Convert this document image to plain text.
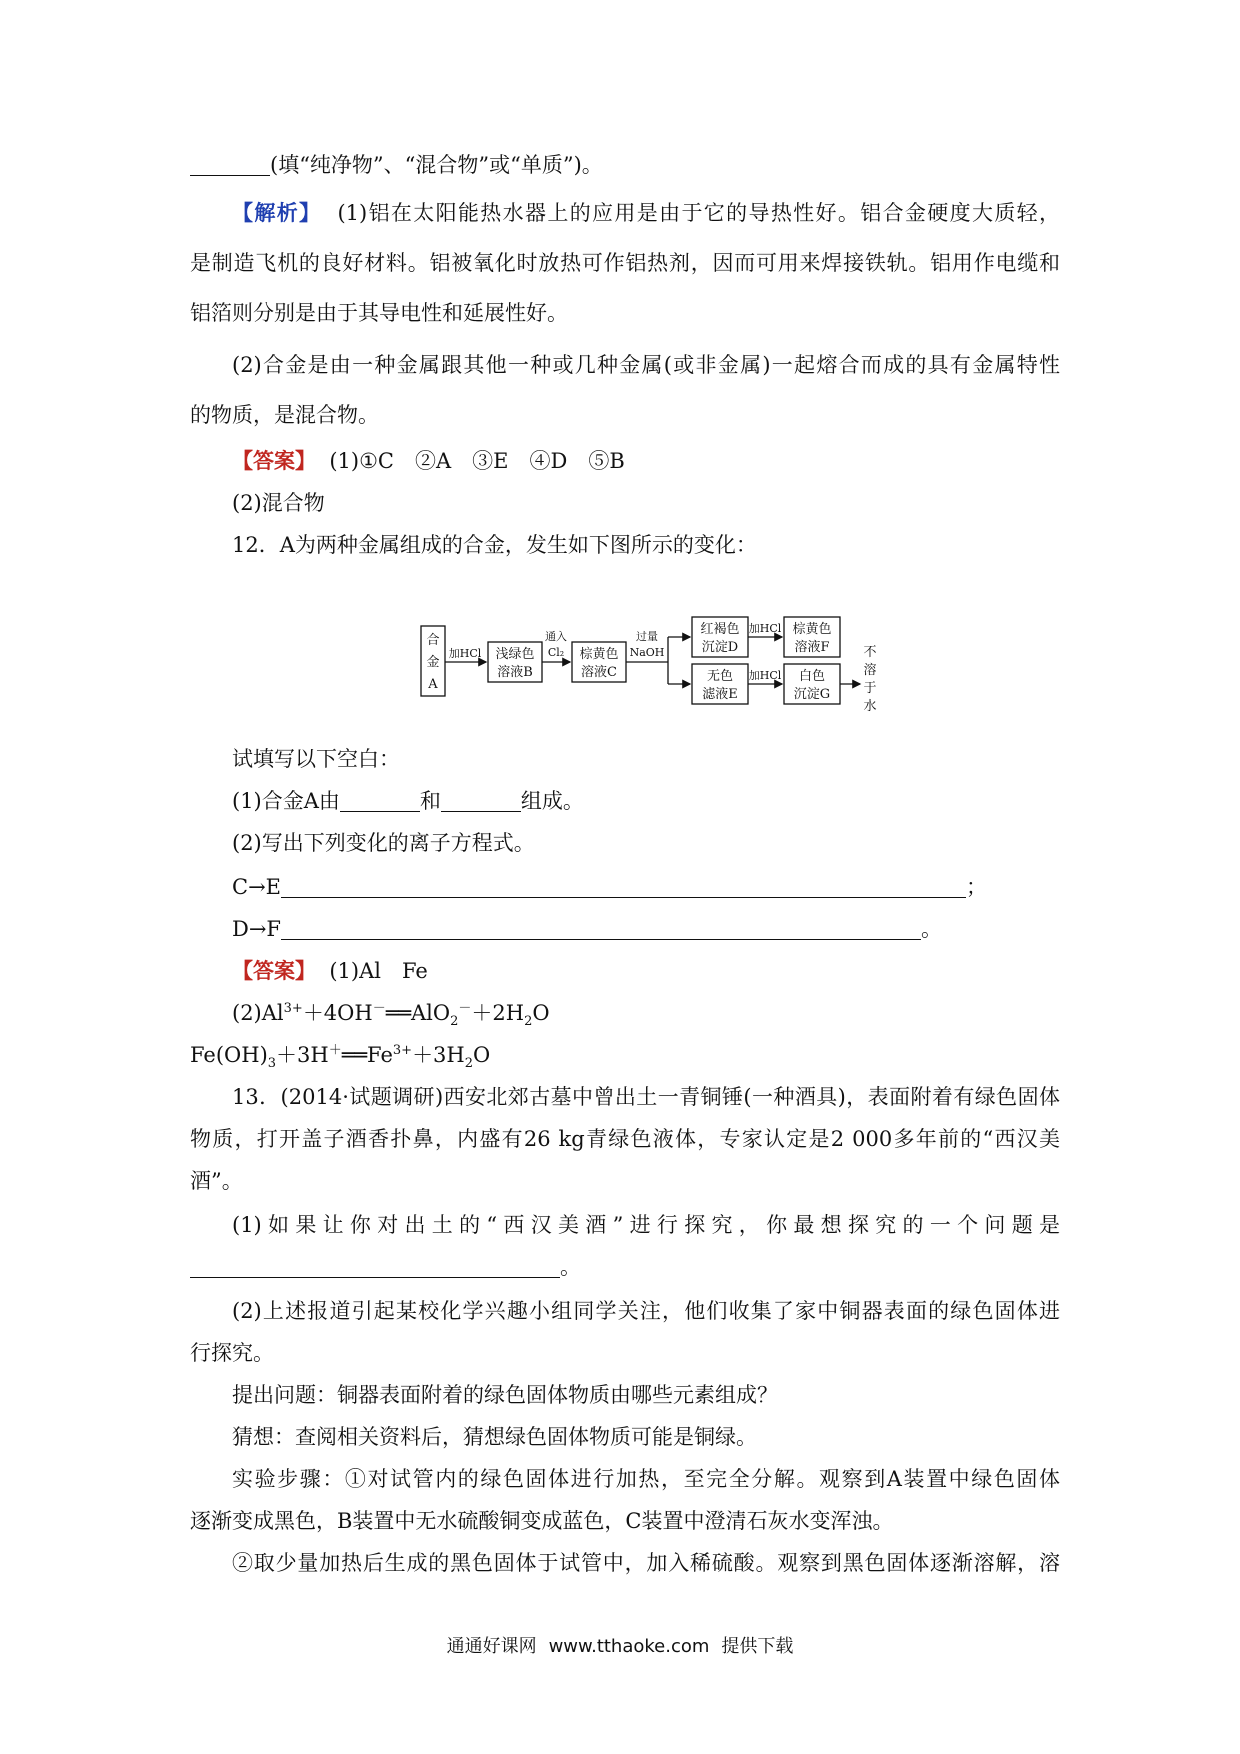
(填“纯净物”、“混合物”或“单质”)。
【解析】 (1)铝在太阳能热水器上的应用是由于它的导热性好。铝合金硬度大质轻，
是制造飞机的良好材料。铝被氧化时放热可作铝热剂，因而可用来焊接铁轨。铝用作电缆和
铝箔则分别是由于其导电性和延展性好。
(2)合金是由一种金属跟其他一种或几种金属(或非金属)一起熔合而成的具有金属特性
的物质，是混合物。
【答案】 (1)①C　②A　③E　④D　⑤B
(2)混合物
12．A为两种金属组成的合金，发生如下图所示的变化：
合
金
A
加HCl 浅绿色
溶液B
通入
Cl₂ 棕黄色
溶液C
过量
NaOH
红褐色
沉淀D
无色
滤液E
加HCl
加HCl
棕黄色
溶液F
白色
沉淀G
不
溶
于
水
试填写以下空白：
(1)合金A由	和	组成。
(2)写出下列变化的离子方程式。
C→E	；
D→F	。
【答案】 (1)Al　Fe
$(2)Al^{3+}+4OH^-══AlO_2^-+2H_2O$
$Fe(OH)_3+3H^+══Fe^{3+}+3H_2O$
13．(2014·试题调研)西安北郊古墓中曾出土一青铜锤(一种酒具)，表面附着有绿色固体
物质，打开盖子酒香扑鼻，内盛有26 kg青绿色液体，专家认定是2 000多年前的“西汉美
酒”。
(1)如果让你对出土的“西汉美酒”进行探究，你最想探究的一个问题是
。
(2)上述报道引起某校化学兴趣小组同学关注，他们收集了家中铜器表面的绿色固体进
行探究。
提出问题：铜器表面附着的绿色固体物质由哪些元素组成？
猜想：查阅相关资料后，猜想绿色固体物质可能是铜绿。
实验步骤：①对试管内的绿色固体进行加热，至完全分解。观察到A装置中绿色固体
逐渐变成黑色，B装置中无水硫酸铜变成蓝色，C装置中澄清石灰水变浑浊。
②取少量加热后生成的黑色固体于试管中，加入稀硫酸。观察到黑色固体逐渐溶解，溶
通通好课网 www.tthaoke.com 提供下载
